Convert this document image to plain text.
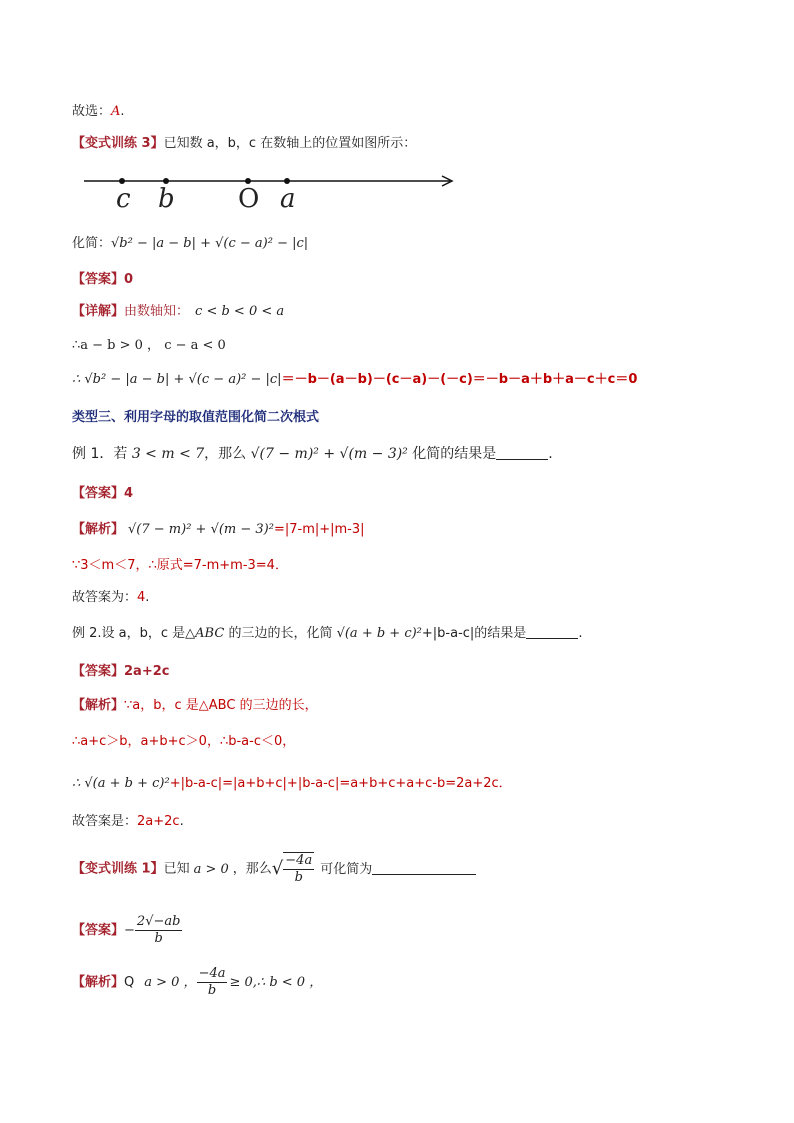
故选：A.
【变式训练 3】已知数 a，b，c 在数轴上的位置如图所示：
c b O a
化简：√b² − |a − b| + √(c − a)² − |c|
【答案】0
【详解】由数轴知： c < b < 0 < a
∴a − b > 0 ， c − a < 0
∴ √b² − |a − b| + √(c − a)² − |c|＝－b－(a－b)－(c－a)－(－c)＝－b－a＋b＋a－c＋c＝0
类型三、利用字母的取值范围化简二次根式
例 1．若 3 < m < 7，那么 √(7 − m)² + √(m − 3)² 化简的结果是	.
【答案】4
【解析】 √(7 − m)² + √(m − 3)²=|7-m|+|m-3|
∵3＜m＜7，∴原式=7-m+m-3=4．
故答案为：4.
例 2.设 a，b，c 是△ABC 的三边的长，化简 √(a + b + c)²+|b-a-c|的结果是	.
【答案】2a+2c
【解析】∵a，b，c 是△ABC 的三边的长，
∴a+c＞b，a+b+c＞0，∴b-a-c＜0，
∴ √(a + b + c)²+|b-a-c|=|a+b+c|+|b-a-c|=a+b+c+a+c-b=2a+2c．
故答案是：2a+2c.
【变式训练 1】已知 a > 0 ，那么√ $\frac{-4a}{b}$ 可化简为
【答案】− $\frac{2√-ab}{b}$
【解析】Q a > 0 ， $\frac{-4a}{b}$ ≥ 0,∴ b < 0 ，
